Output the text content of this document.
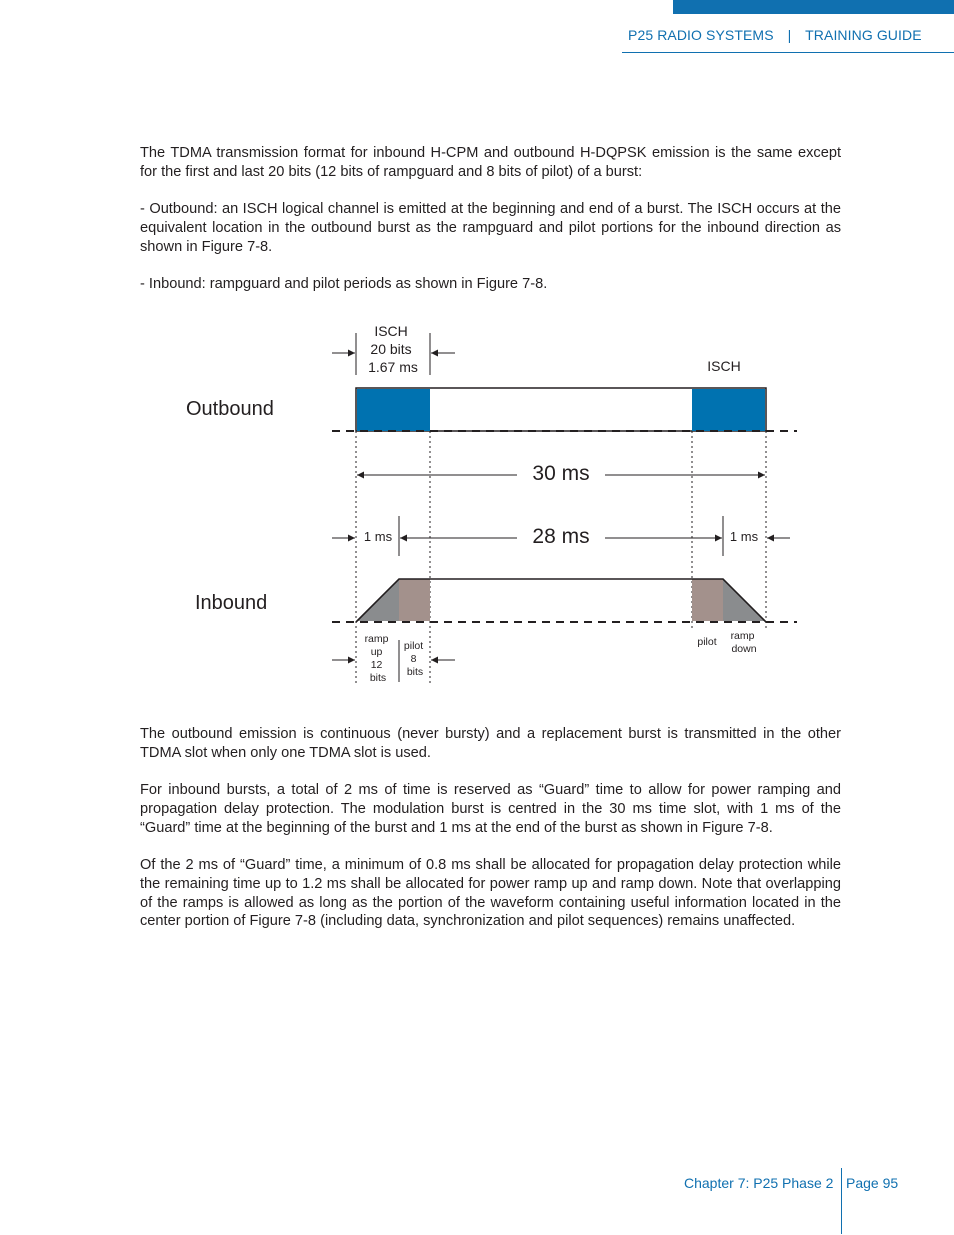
P25 RADIO SYSTEMS | TRAINING GUIDE

The TDMA transmission format for inbound H-CPM and outbound H-DQPSK emission is the same except for the first and last 20 bits (12 bits of rampguard and 8 bits of pilot) of a burst:

- Outbound: an ISCH logical channel is emitted at the beginning and end of a burst. The ISCH occurs at the equivalent location in the outbound burst as the rampguard and pilot portions for the inbound direction as shown in Figure 7-8.

- Inbound: rampguard and pilot periods as shown in Figure 7-8.

Outbound
Inbound
ISCH 20 bits 1.67 ms	ISCH
30 ms
28 ms
1 ms	1 ms
ramp up 12 bits
pilot 8 bits
pilot ramp down

The outbound emission is continuous (never bursty) and a replacement burst is transmitted in the other TDMA slot when only one TDMA slot is used.

For inbound bursts, a total of 2 ms of time is reserved as “Guard” time to allow for power ramping and propagation delay protection. The modulation burst is centred in the 30 ms time slot, with 1 ms of the “Guard” time at the beginning of the burst and 1 ms at the end of the burst as shown in Figure 7-8.

Of the 2 ms of “Guard” time, a minimum of 0.8 ms shall be allocated for propagation delay protection while the remaining time up to 1.2 ms shall be allocated for power ramp up and ramp down. Note that overlapping of the ramps is allowed as long as the portion of the waveform containing useful information located in the center portion of Figure 7-8 (including data, synchronization and pilot sequences) remains unaffected.

Chapter 7: P25 Phase 2 Page 95
